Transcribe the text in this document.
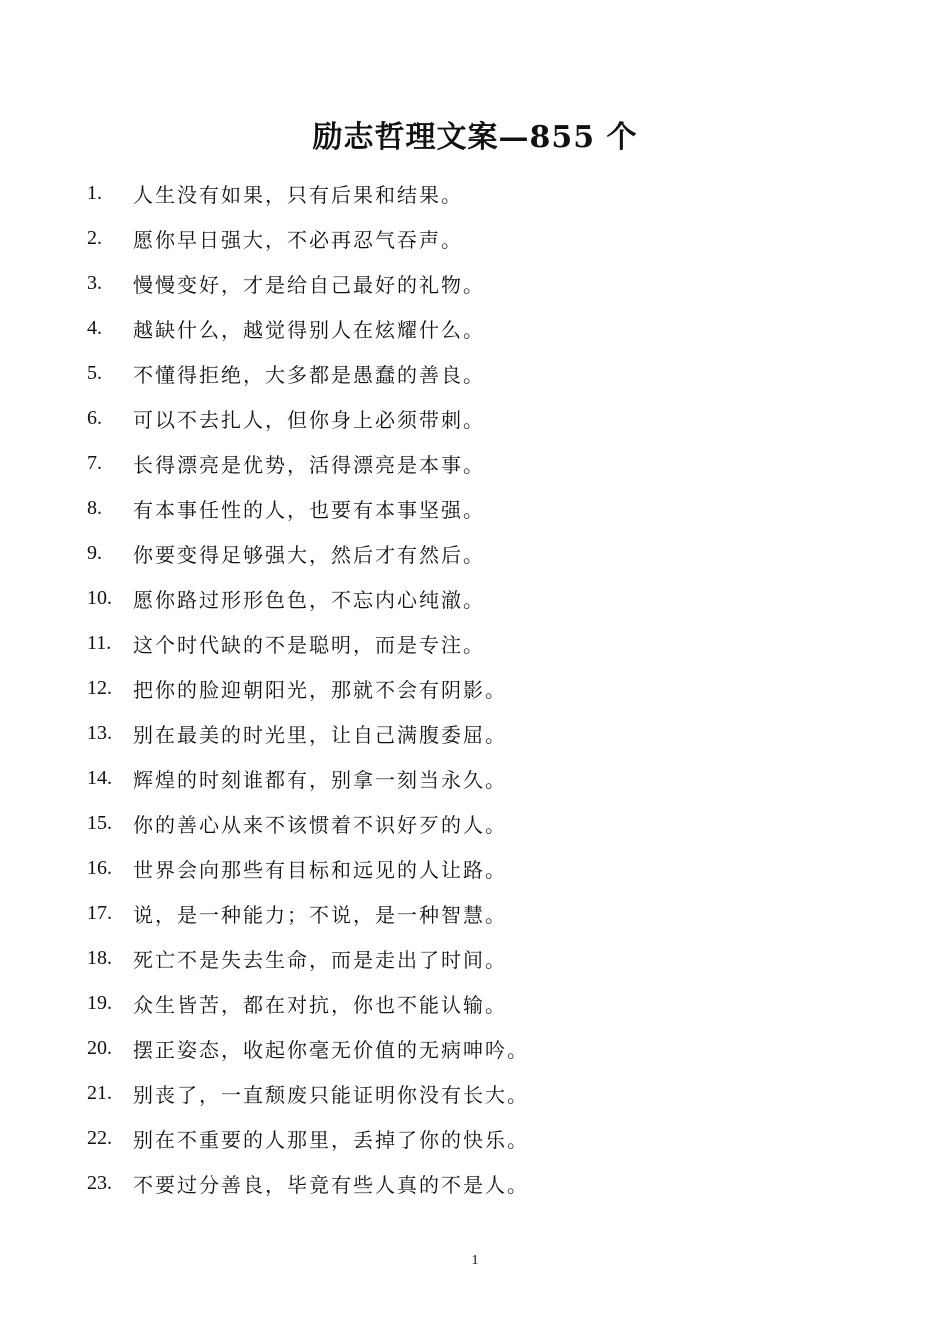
励志哲理文案—855 个
1.	人生没有如果，只有后果和结果。
2.	愿你早日强大，不必再忍气吞声。
3.	慢慢变好，才是给自己最好的礼物。
4.	越缺什么，越觉得别人在炫耀什么。
5.	不懂得拒绝，大多都是愚蠢的善良。
6.	可以不去扎人，但你身上必须带刺。
7.	长得漂亮是优势，活得漂亮是本事。
8.	有本事任性的人，也要有本事坚强。
9.	你要变得足够强大，然后才有然后。
10.	愿你路过形形色色，不忘内心纯澈。
11.	这个时代缺的不是聪明，而是专注。
12.	把你的脸迎朝阳光，那就不会有阴影。
13.	别在最美的时光里，让自己满腹委屈。
14.	辉煌的时刻谁都有，别拿一刻当永久。
15.	你的善心从来不该惯着不识好歹的人。
16.	世界会向那些有目标和远见的人让路。
17.	说，是一种能力；不说，是一种智慧。
18.	死亡不是失去生命，而是走出了时间。
19.	众生皆苦，都在对抗，你也不能认输。
20.	摆正姿态，收起你毫无价值的无病呻吟。
21.	别丧了，一直颓废只能证明你没有长大。
22.	别在不重要的人那里，丢掉了你的快乐。
23.	不要过分善良，毕竟有些人真的不是人。
1
